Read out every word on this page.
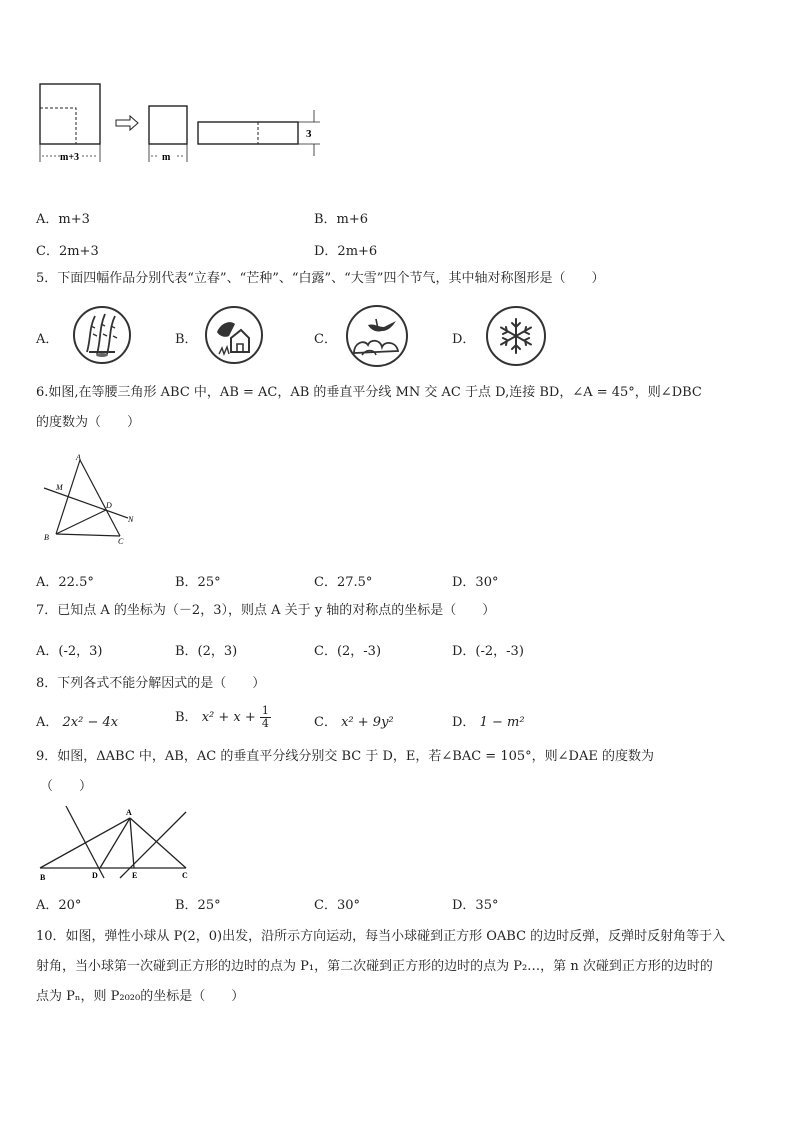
m+3	m
3
A．m+3	B．m+6
C．2m+3	D．2m+6
5．下面四幅作品分别代表“立春”、“芒种”、“白露”、“大雪”四个节气，其中轴对称图形是（　　）
A．	B．	C．	D．
6.如图,在等腰三角形 ABC 中，AB = AC，AB 的垂直平分线 MN 交 AC 于点 D,连接 BD，∠A = 45°，则∠DBC
的度数为（　　）
A
M
D
N
B	C
A．22.5°	B．25°	C．27.5°	D．30°
7．已知点 A 的坐标为（－2，3），则点 A 关于 y 轴的对称点的坐标是（　　）
A．(-2，3)	B．(2，3)	C．(2，-3)	D．(-2，-3)
8．下列各式不能分解因式的是（　　）
A． 2x² − 4x	B． $x^2 + x + \frac{1}{4}$	C． x² + 9y²	D． 1 − m²
9．如图，ΔABC 中，AB，AC 的垂直平分线分别交 BC 于 D，E，若∠BAC = 105°，则∠DAE 的度数为
（　　）
A
B	D	E	C
A．20°	B．25°	C．30°	D．35°
10．如图，弹性小球从 P(2，0)出发，沿所示方向运动，每当小球碰到正方形 OABC 的边时反弹，反弹时反射角等于入
射角，当小球第一次碰到正方形的边时的点为 P₁，第二次碰到正方形的边时的点为 P₂…，第 n 次碰到正方形的边时的
点为 Pₙ，则 P₂₀₂₀的坐标是（　　）
